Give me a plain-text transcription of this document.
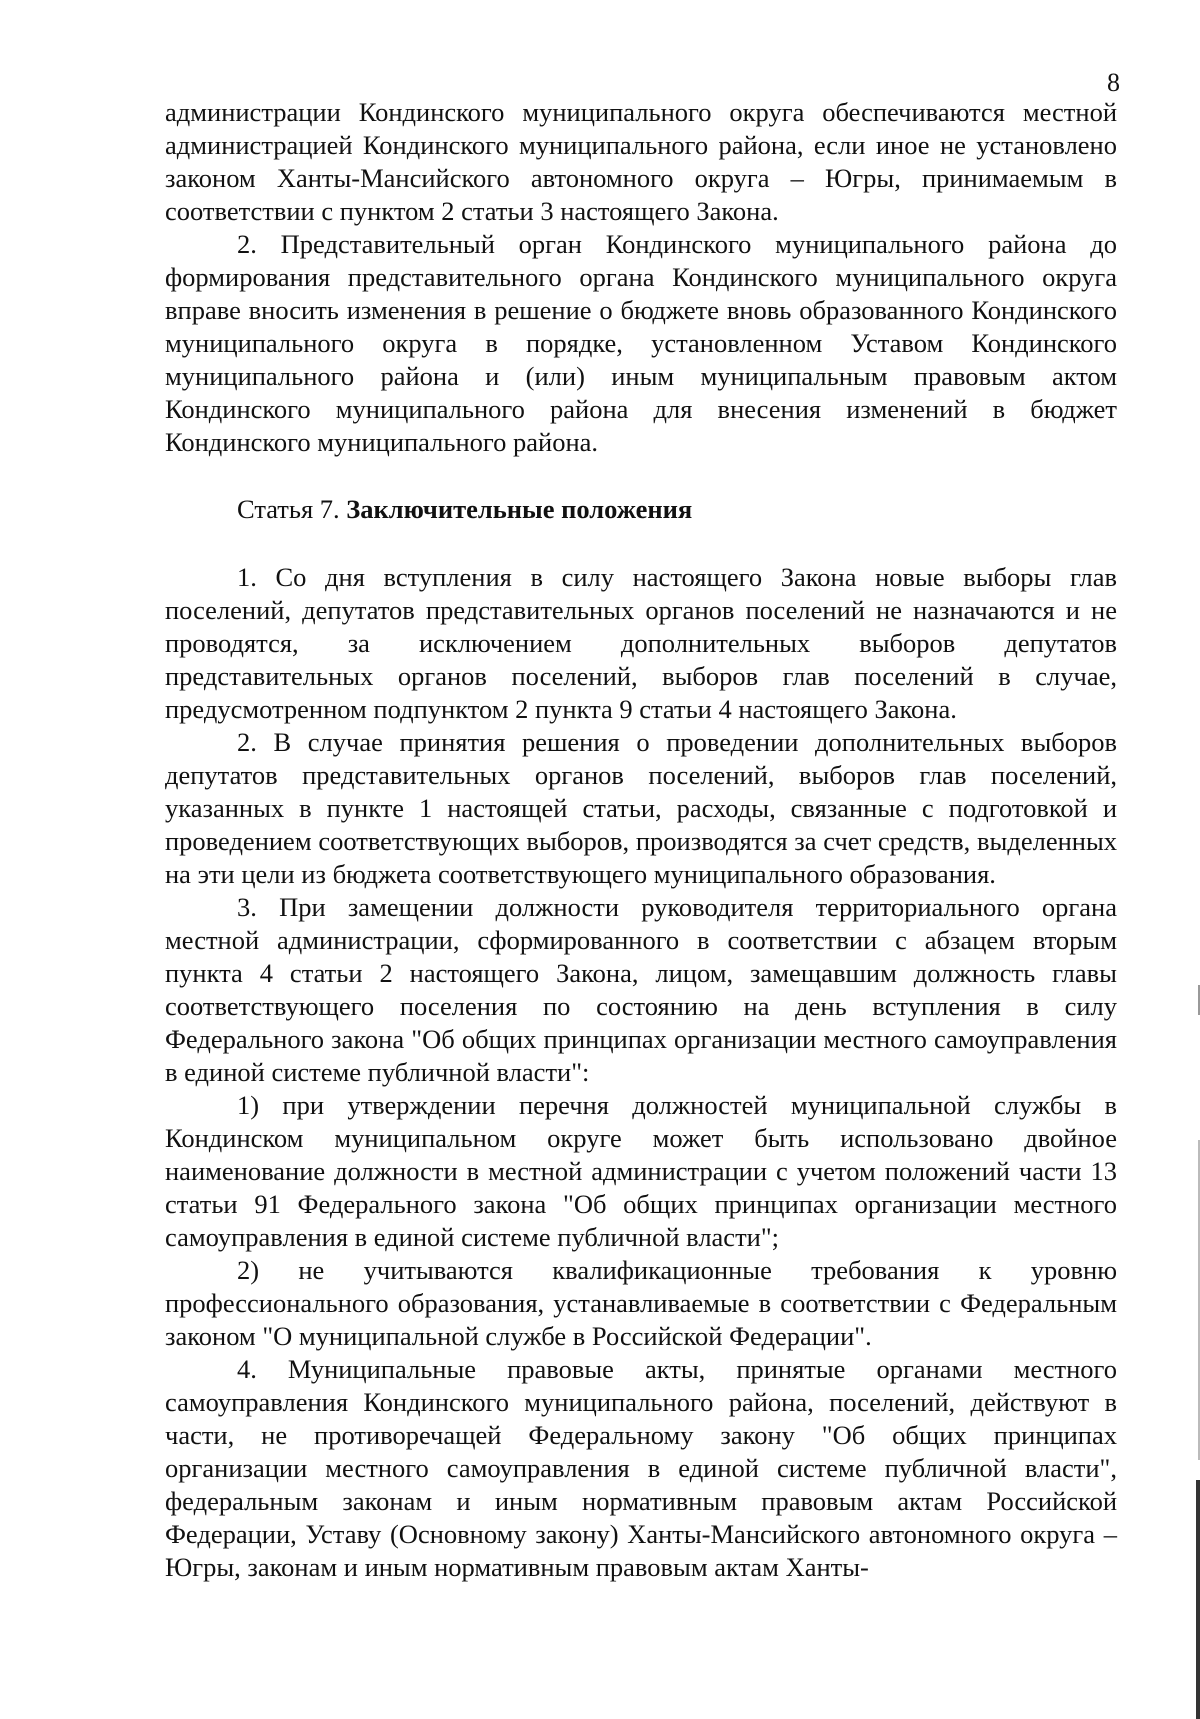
8

администрации Кондинского муниципального округа обеспечиваются местной администрацией Кондинского муниципального района, если иное не установлено законом Ханты-Мансийского автономного округа – Югры, принимаемым в соответствии с пунктом 2 статьи 3 настоящего Закона.

2. Представительный орган Кондинского муниципального района до формирования представительного органа Кондинского муниципального округа вправе вносить изменения в решение о бюджете вновь образованного Кондинского муниципального округа в порядке, установленном Уставом Кондинского муниципального района и (или) иным муниципальным правовым актом Кондинского муниципального района для внесения изменений в бюджет Кондинского муниципального района.

Статья 7. Заключительные положения

1. Со дня вступления в силу настоящего Закона новые выборы глав поселений, депутатов представительных органов поселений не назначаются и не проводятся, за исключением дополнительных выборов депутатов представительных органов поселений, выборов глав поселений в случае, предусмотренном подпунктом 2 пункта 9 статьи 4 настоящего Закона.

2. В случае принятия решения о проведении дополнительных выборов депутатов представительных органов поселений, выборов глав поселений, указанных в пункте 1 настоящей статьи, расходы, связанные с подготовкой и проведением соответствующих выборов, производятся за счет средств, выделенных на эти цели из бюджета соответствующего муниципального образования.

3. При замещении должности руководителя территориального органа местной администрации, сформированного в соответствии с абзацем вторым пункта 4 статьи 2 настоящего Закона, лицом, замещавшим должность главы соответствующего поселения по состоянию на день вступления в силу Федерального закона "Об общих принципах организации местного самоуправления в единой системе публичной власти":

1) при утверждении перечня должностей муниципальной службы в Кондинском муниципальном округе может быть использовано двойное наименование должности в местной администрации с учетом положений части 13 статьи 91 Федерального закона "Об общих принципах организации местного самоуправления в единой системе публичной власти";

2) не учитываются квалификационные требования к уровню профессионального образования, устанавливаемые в соответствии с Федеральным законом "О муниципальной службе в Российской Федерации".

4. Муниципальные правовые акты, принятые органами местного самоуправления Кондинского муниципального района, поселений, действуют в части, не противоречащей Федеральному закону "Об общих принципах организации местного самоуправления в единой системе публичной власти", федеральным законам и иным нормативным правовым актам Российской Федерации, Уставу (Основному закону) Ханты-Мансийского автономного округа – Югры, законам и иным нормативным правовым актам Ханты-
